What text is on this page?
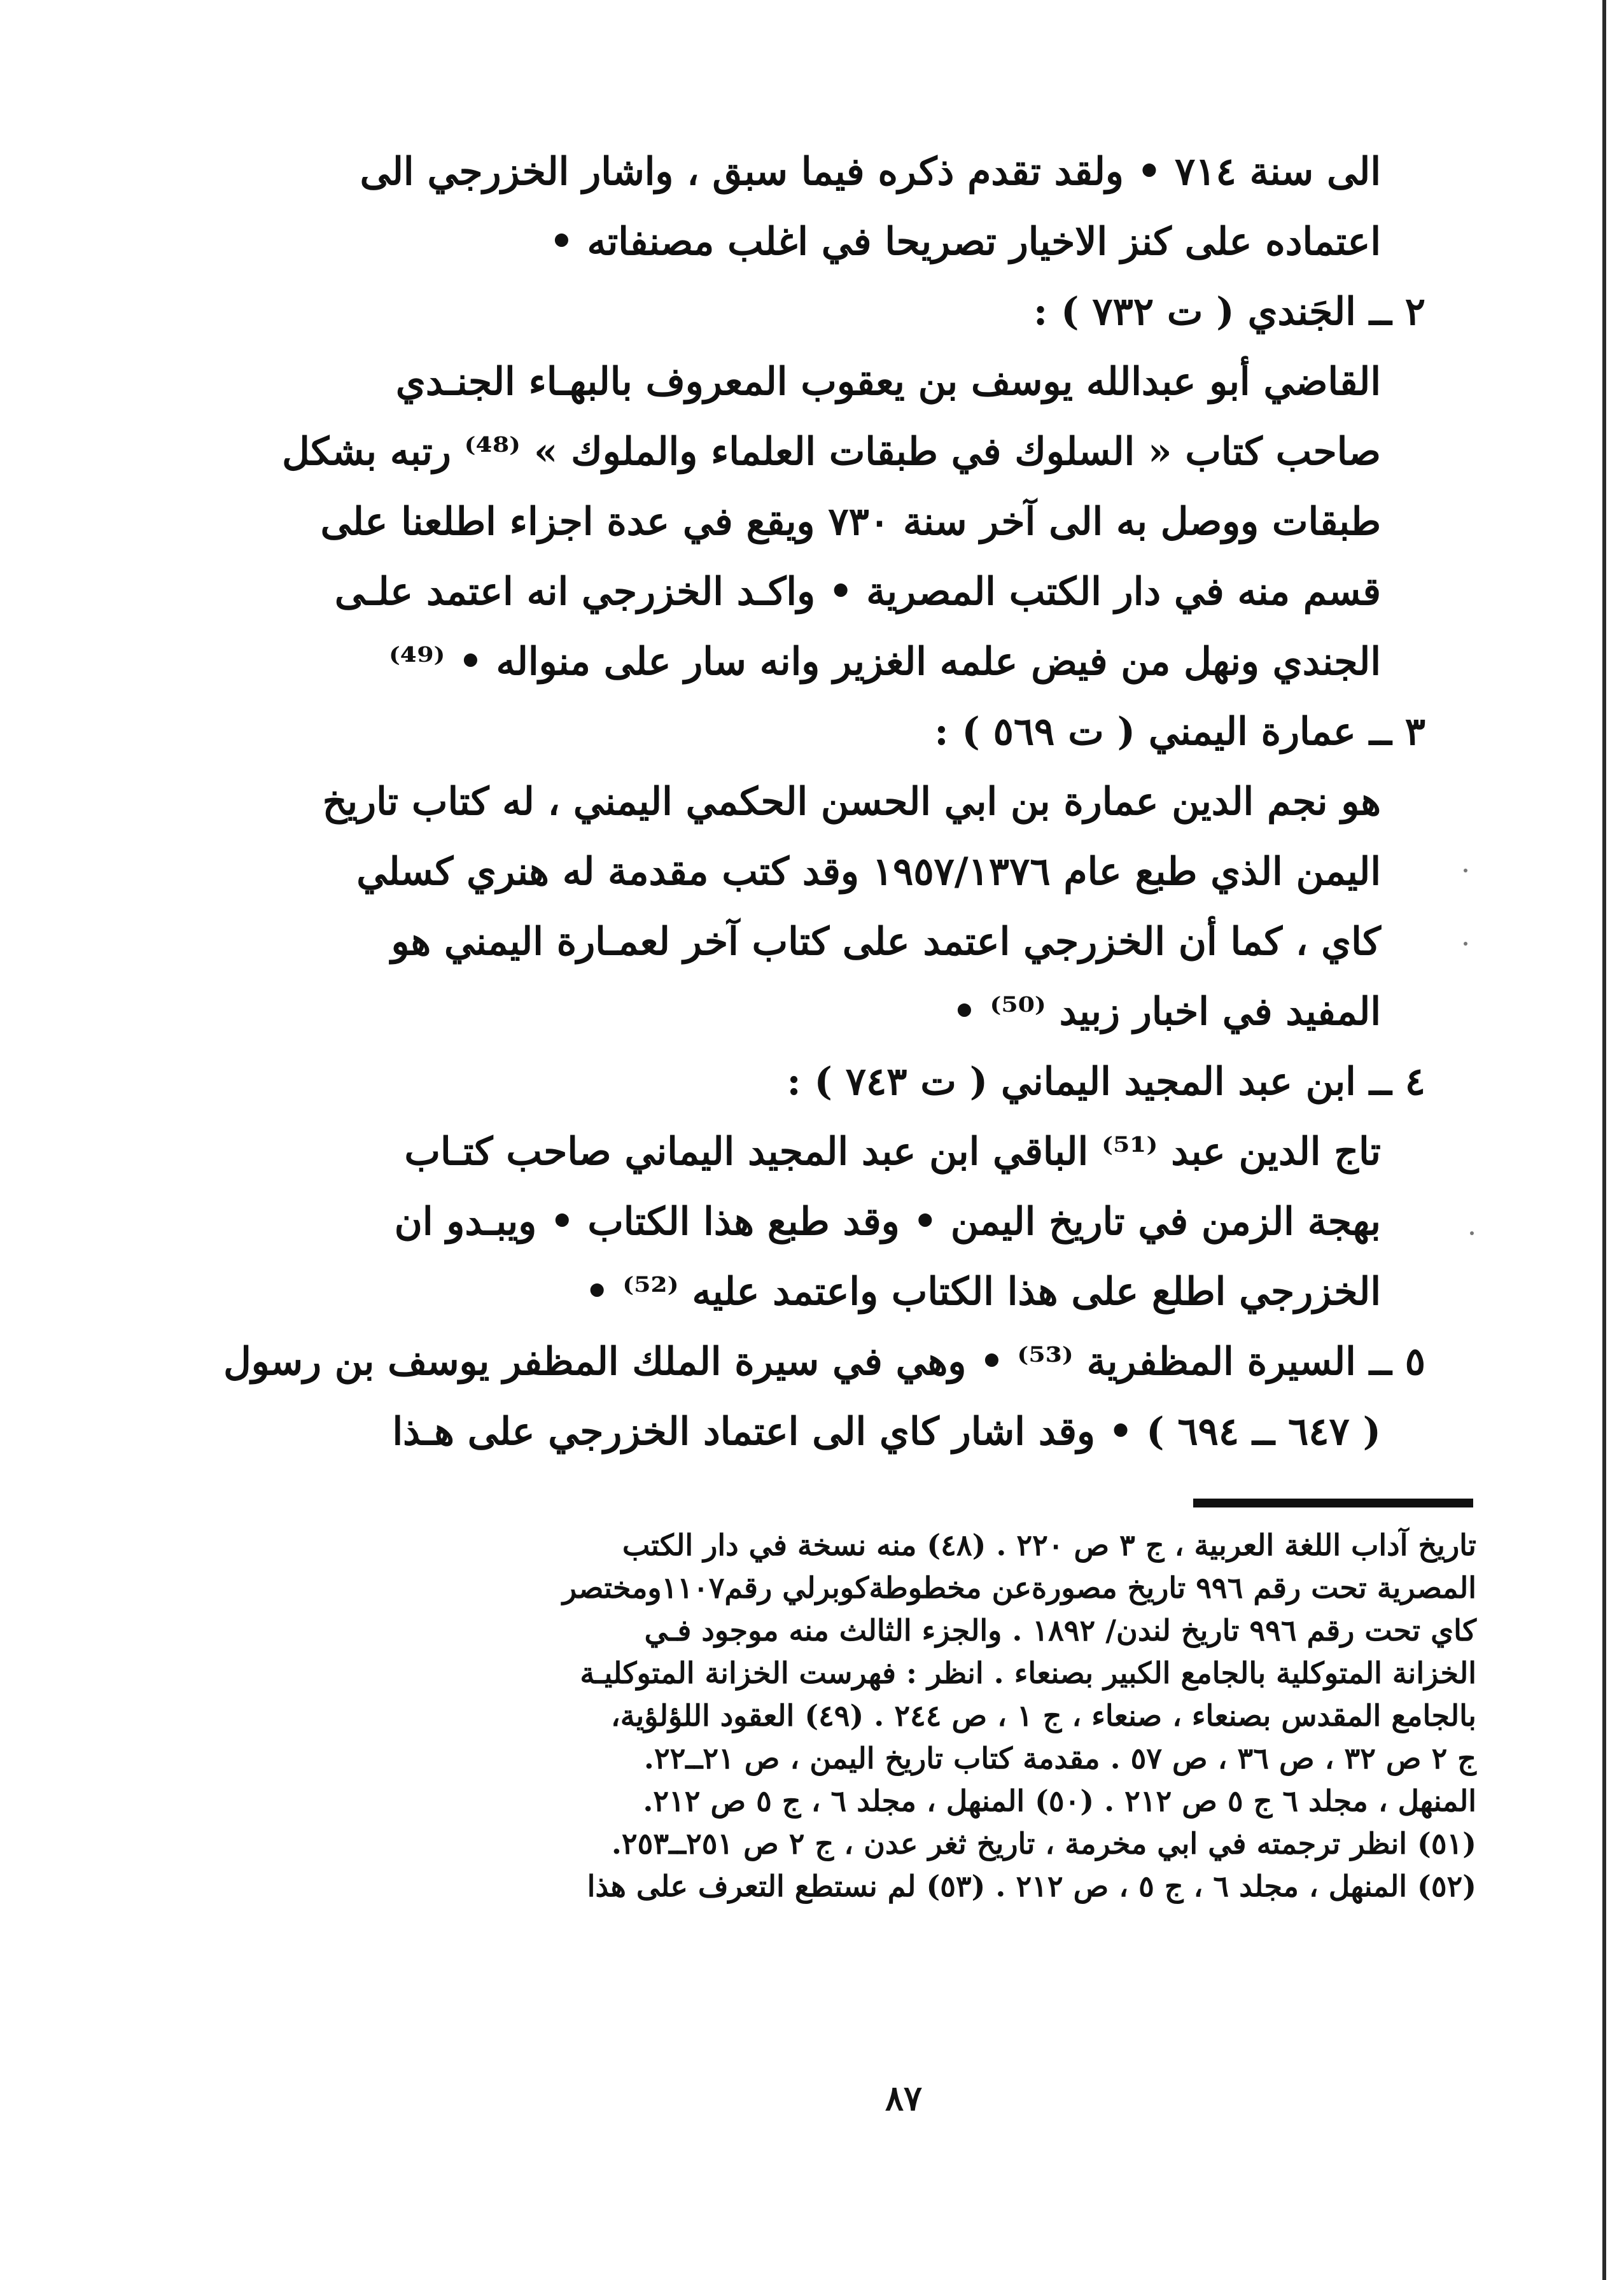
الى سنة ٧١٤ • ولقد تقدم ذكره فيما سبق ، واشار الخزرجي الى
اعتماده على كنز الاخيار تصريحا في اغلب مصنفاته •
٢ ــ الجَندي ( ت ٧٣٢ ) :
القاضي أبو عبدالله يوسف بن يعقوب المعروف بالبهـاء الجنـدي
صاحب كتاب « السلوك في طبقات العلماء والملوك » ⁽⁴⁸⁾ رتبه بشكل
طبقات ووصل به الى آخر سنة ٧٣٠ ويقع في عدة اجزاء اطلعنا على
قسم منه في دار الكتب المصرية • واكـد الخزرجي انه اعتمد علـى
الجندي ونهل من فيض علمه الغزير وانه سار على منواله • ⁽⁴⁹⁾
٣ ــ عمارة اليمني ( ت ٥٦٩ ) :
هو نجم الدين عمارة بن ابي الحسن الحكمي اليمني ، له كتاب تاريخ
اليمن الذي طبع عام ١٩٥٧/١٣٧٦ وقد كتب مقدمة له هنري كسلي
كاي ، كما أن الخزرجي اعتمد على كتاب آخر لعمـارة اليمني هو
المفيد في اخبار زبيد ⁽⁵⁰⁾ •
٤ ــ ابن عبد المجيد اليماني ( ت ٧٤٣ ) :
تاج الدين عبد ⁽⁵¹⁾ الباقي ابن عبد المجيد اليماني صاحب كتـاب
بهجة الزمن في تاريخ اليمن • وقد طبع هذا الكتاب • ويبـدو ان
الخزرجي اطلع على هذا الكتاب واعتمد عليه ⁽⁵²⁾ •
٥ ــ السيرة المظفرية ⁽⁵³⁾ • وهي في سيرة الملك المظفر يوسف بن رسول
( ٦٤٧ ــ ٦٩٤ ) • وقد اشار كاي الى اعتماد الخزرجي على هـذا
تاريخ آداب اللغة العربية ، ج ٣ ص ٢٢٠ . (٤٨) منه نسخة في دار الكتب
المصرية تحت رقم ٩٩٦ تاريخ مصورةعن مخطوطةكوبرلي رقم١١٠٧ومختصر
كاي تحت رقم ٩٩٦ تاريخ لندن/ ١٨٩٢ . والجزء الثالث منه موجود فـي
الخزانة المتوكلية بالجامع الكبير بصنعاء . انظر : فهرست الخزانة المتوكليـة
بالجامع المقدس بصنعاء ، صنعاء ، ج ١ ، ص ٢٤٤ . (٤٩) العقود اللؤلؤية،
ج ٢ ص ٣٢ ، ص ٣٦ ، ص ٥٧ . مقدمة كتاب تاريخ اليمن ، ص ٢١ــ٢٢.
المنهل ، مجلد ٦ ج ٥ ص ٢١٢ . (٥٠) المنهل ، مجلد ٦ ، ج ٥ ص ٢١٢.
(٥١) انظر ترجمته في ابي مخرمة ، تاريخ ثغر عدن ، ج ٢ ص ٢٥١ــ٢٥٣.
(٥٢) المنهل ، مجلد ٦ ، ج ٥ ، ص ٢١٢ . (٥٣) لم نستطع التعرف على هذا
٨٧
